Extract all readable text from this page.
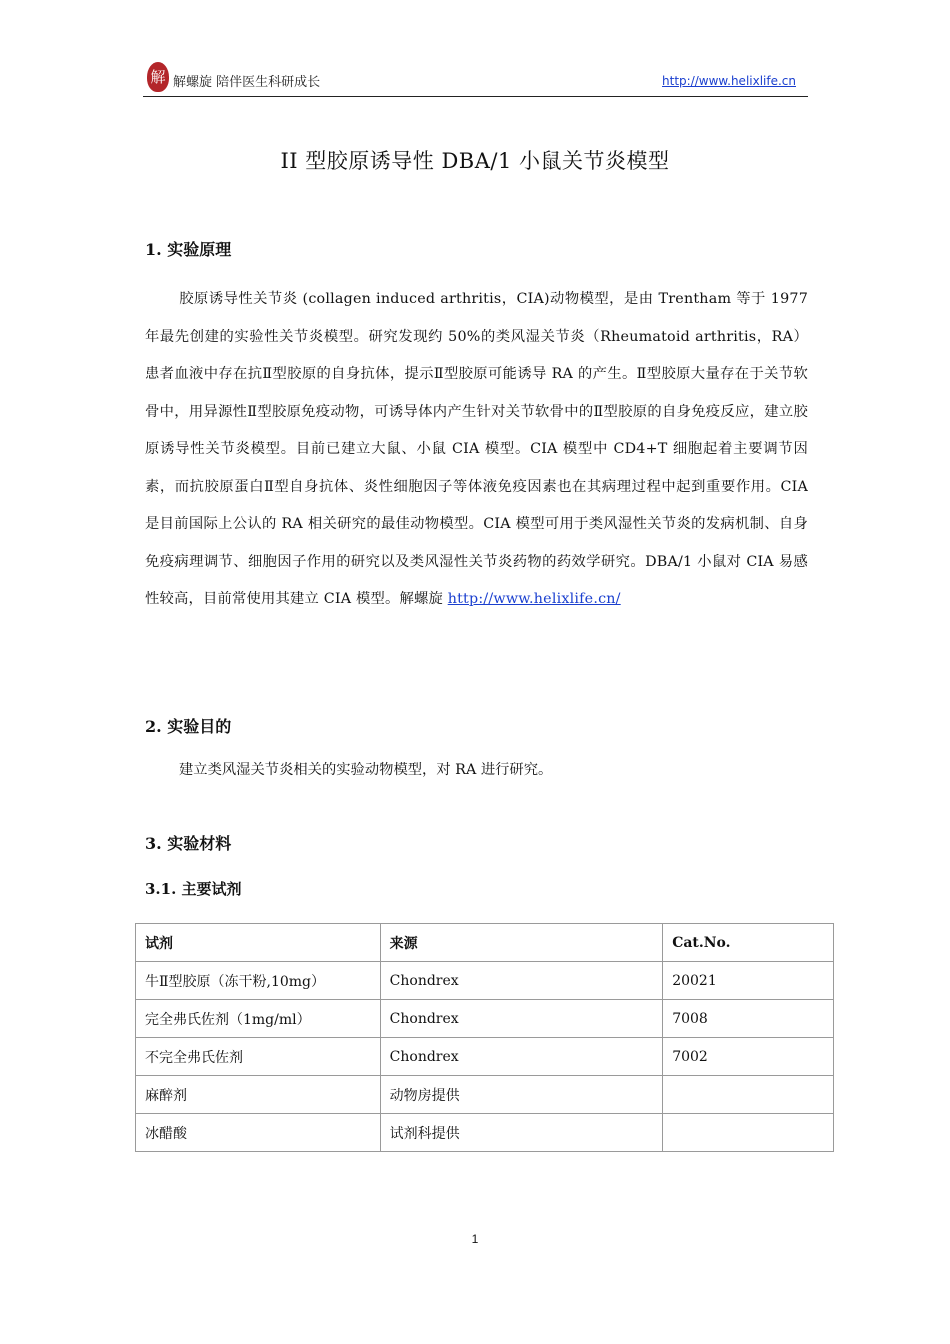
解 解螺旋 陪伴医生科研成长	http://www.helixlife.cn
II 型胶原诱导性 DBA/1 小鼠关节炎模型
1. 实验原理
胶原诱导性关节炎 (collagen induced arthritis，CIA)动物模型，是由 Trentham 等于 1977 年最先创建的实验性关节炎模型。研究发现约 50%的类风湿关节炎（Rheumatoid arthritis，RA）患者血液中存在抗Ⅱ型胶原的自身抗体，提示Ⅱ型胶原可能诱导 RA 的产生。Ⅱ型胶原大量存在于关节软骨中，用异源性Ⅱ型胶原免疫动物，可诱导体内产生针对关节软骨中的Ⅱ型胶原的自身免疫反应，建立胶原诱导性关节炎模型。目前已建立大鼠、小鼠 CIA 模型。CIA 模型中 CD4+T 细胞起着主要调节因素，而抗胶原蛋白Ⅱ型自身抗体、炎性细胞因子等体液免疫因素也在其病理过程中起到重要作用。CIA 是目前国际上公认的 RA 相关研究的最佳动物模型。CIA 模型可用于类风湿性关节炎的发病机制、自身免疫病理调节、细胞因子作用的研究以及类风湿性关节炎药物的药效学研究。DBA/1 小鼠对 CIA 易感性较高，目前常使用其建立 CIA 模型。解螺旋 http://www.helixlife.cn/
2. 实验目的
建立类风湿关节炎相关的实验动物模型，对 RA 进行研究。
3. 实验材料
3.1. 主要试剂
试剂	来源	Cat.No.
牛Ⅱ型胶原（冻干粉,10mg）	Chondrex	20021
完全弗氏佐剂（1mg/ml）	Chondrex	7008
不完全弗氏佐剂	Chondrex	7002
麻醉剂	动物房提供	
冰醋酸	试剂科提供	
1
